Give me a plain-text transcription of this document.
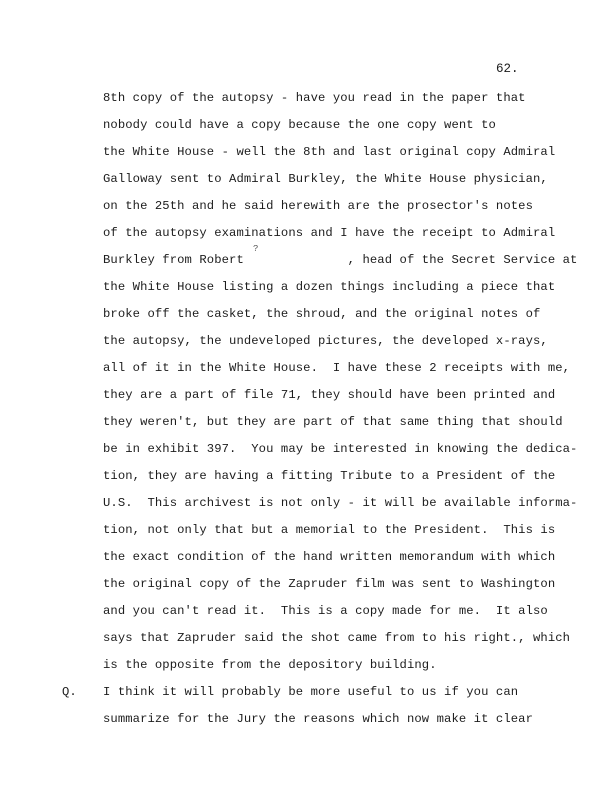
62.
8th copy of the autopsy - have you read in the paper that
nobody could have a copy because the one copy went to
the White House - well the 8th and last original copy Admiral
Galloway sent to Admiral Burkley, the White House physician,
on the 25th and he said herewith are the prosector's notes
of the autopsy examinations and I have the receipt to Admiral
Burkley from Robert              , head of the Secret Service at
the White House listing a dozen things including a piece that
broke off the casket, the shroud, and the original notes of
the autopsy, the undeveloped pictures, the developed x-rays,
all of it in the White House.  I have these 2 receipts with me,
they are a part of file 71, they should have been printed and
they weren't, but they are part of that same thing that should
be in exhibit 397.  You may be interested in knowing the dedica-
tion, they are having a fitting Tribute to a President of the
U.S.  This archivest is not only - it will be available informa-
tion, not only that but a memorial to the President.  This is
the exact condition of the hand written memorandum with which
the original copy of the Zapruder film was sent to Washington
and you can't read it.  This is a copy made for me.  It also
says that Zapruder said the shot came from to his right., which
is the opposite from the depository building.
Q. I think it will probably be more useful to us if you can
summarize for the Jury the reasons which now make it clear
?
